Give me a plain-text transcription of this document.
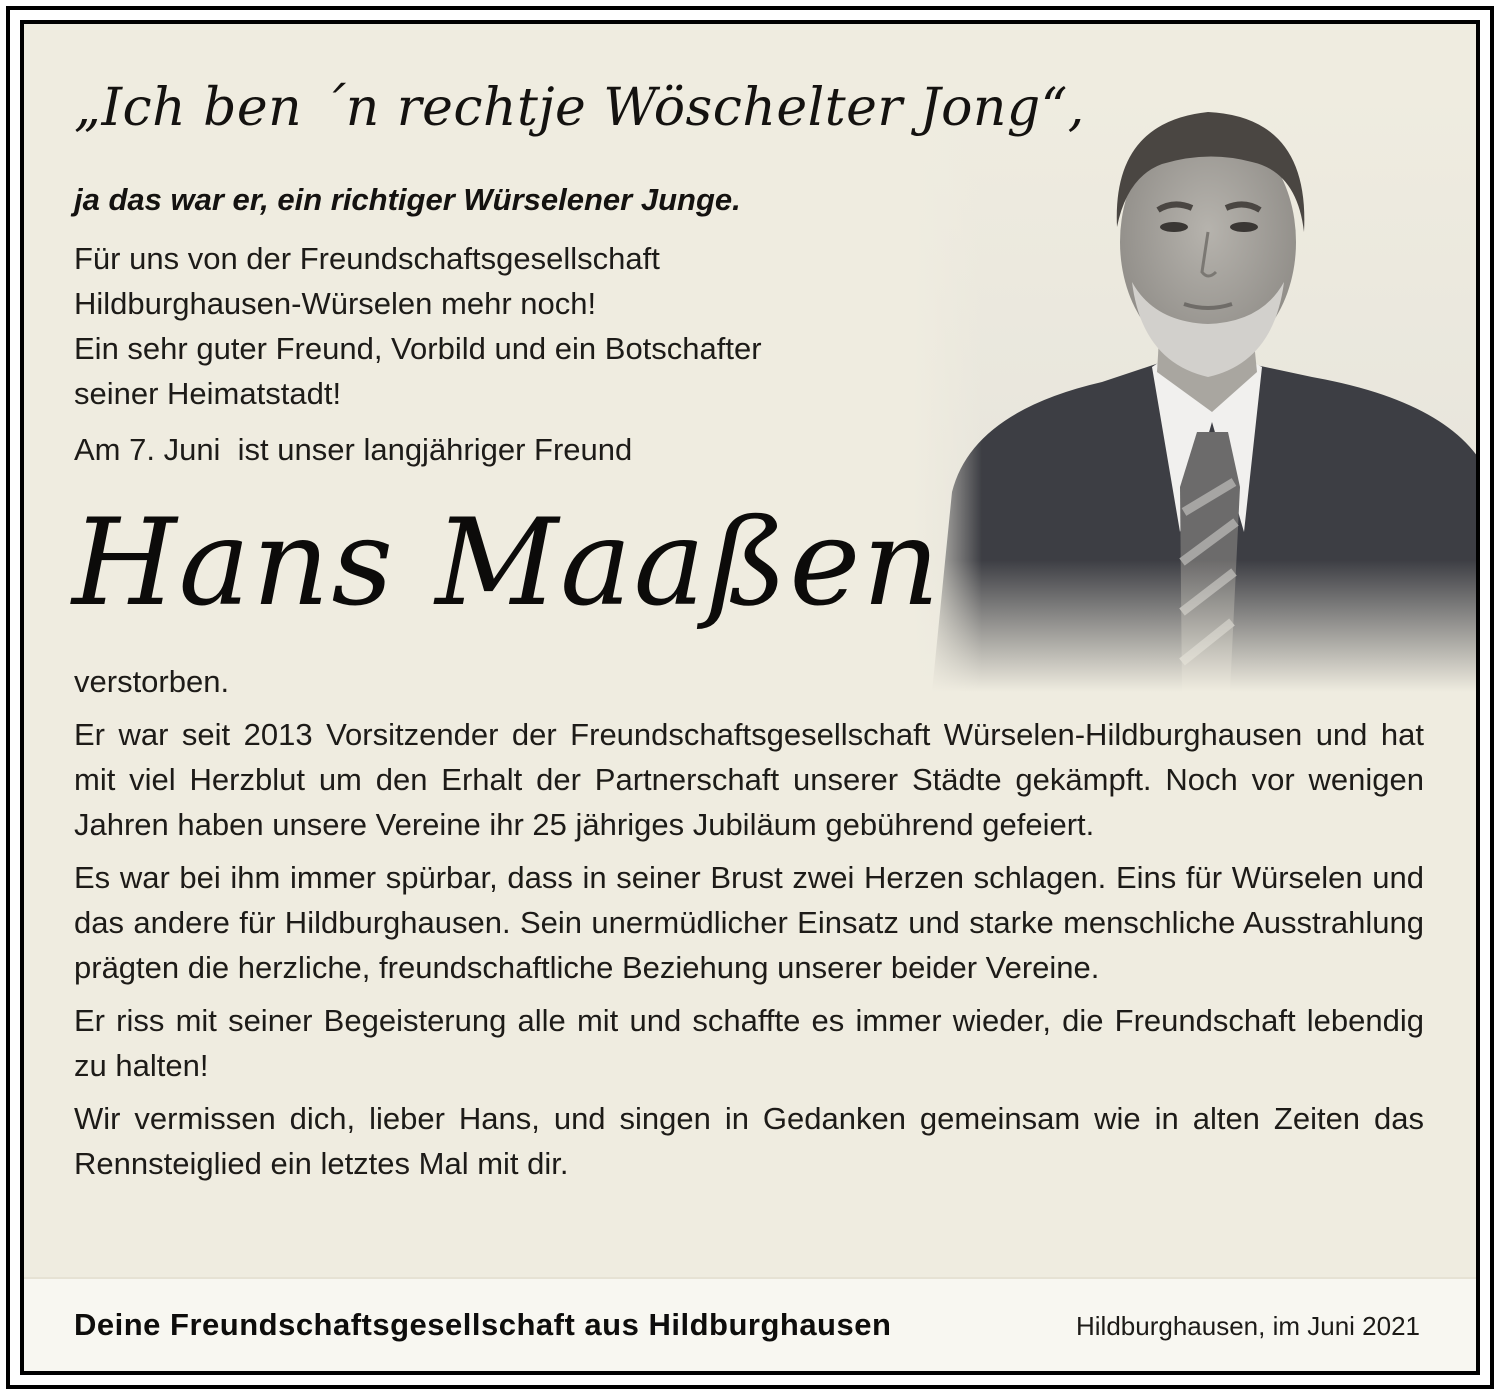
„Ich ben ´n rechtje Wöschelter Jong“,
ja das war er, ein richtiger Würselener Junge.
Für uns von der Freundschaftsgesellschaft
Hildburghausen-Würselen mehr noch!
Ein sehr guter Freund, Vorbild und ein Botschafter
seiner Heimatstadt!
Am 7. Juni  ist unser langjähriger Freund
Hans Maaßen
verstorben.

Er war seit 2013 Vorsitzender der Freundschaftsgesellschaft Würselen-Hildburghausen und hat mit viel Herzblut um den Erhalt der Partnerschaft unserer Städte gekämpft. Noch vor wenigen Jahren haben unsere Vereine ihr 25 jähriges Jubiläum gebührend gefeiert.

Es war bei ihm immer spürbar, dass in seiner Brust zwei Herzen schlagen. Eins für Würselen und das andere für Hildburghausen. Sein unermüdlicher Einsatz und starke menschliche Ausstrahlung prägten die herzliche, freundschaftliche Beziehung unserer beider Vereine.

Er riss mit seiner Begeisterung alle mit und schaffte es immer wieder, die Freundschaft lebendig zu halten!

Wir vermissen dich, lieber Hans, und singen in Gedanken gemeinsam wie in alten Zeiten das Rennsteiglied ein letztes Mal mit dir.

Deine Freundschaftsgesellschaft aus Hildburghausen	Hildburghausen, im Juni 2021
